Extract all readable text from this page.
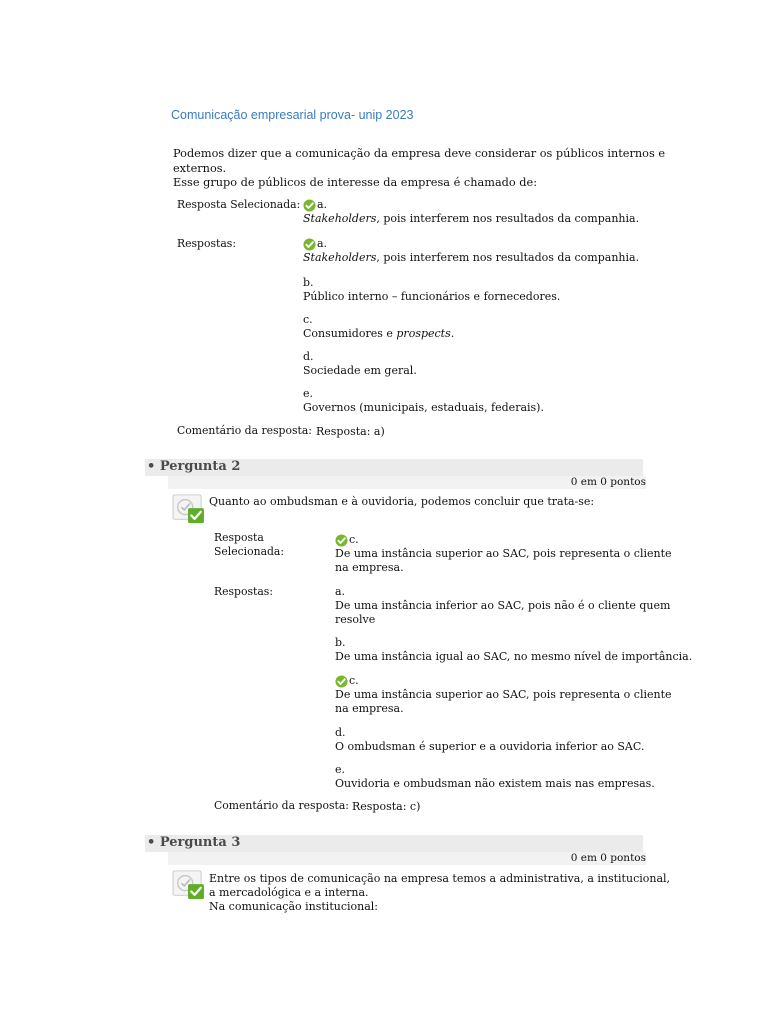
Comunicação empresarial prova- unip 2023
Podemos dizer que a comunicação da empresa deve considerar os públicos internos e externos.
Esse grupo de públicos de interesse da empresa é chamado de:
Resposta Selecionada: a.
Stakeholders, pois interferem nos resultados da companhia.
Respostas:	a.
Stakeholders, pois interferem nos resultados da companhia.
b.
Público interno – funcionários e fornecedores.
c.
Consumidores e prospects.
d.
Sociedade em geral.
e.
Governos (municipais, estaduais, federais).
Comentário da resposta: Resposta: a)
• Pergunta 2
0 em 0 pontos
Quanto ao ombudsman e à ouvidoria, podemos concluir que trata-se:
Resposta
Selecionada:
c.
De uma instância superior ao SAC, pois representa o cliente na empresa.
Respostas:	a.
De uma instância inferior ao SAC, pois não é o cliente quem resolve
b.
De uma instância igual ao SAC, no mesmo nível de importância.
c.
De uma instância superior ao SAC, pois representa o cliente na empresa.
d.
O ombudsman é superior e a ouvidoria inferior ao SAC.
e.
Ouvidoria e ombudsman não existem mais nas empresas.
Comentário da resposta: Resposta: c)
• Pergunta 3
0 em 0 pontos
Entre os tipos de comunicação na empresa temos a administrativa, a institucional, a mercadológica e a interna.
Na comunicação institucional:
